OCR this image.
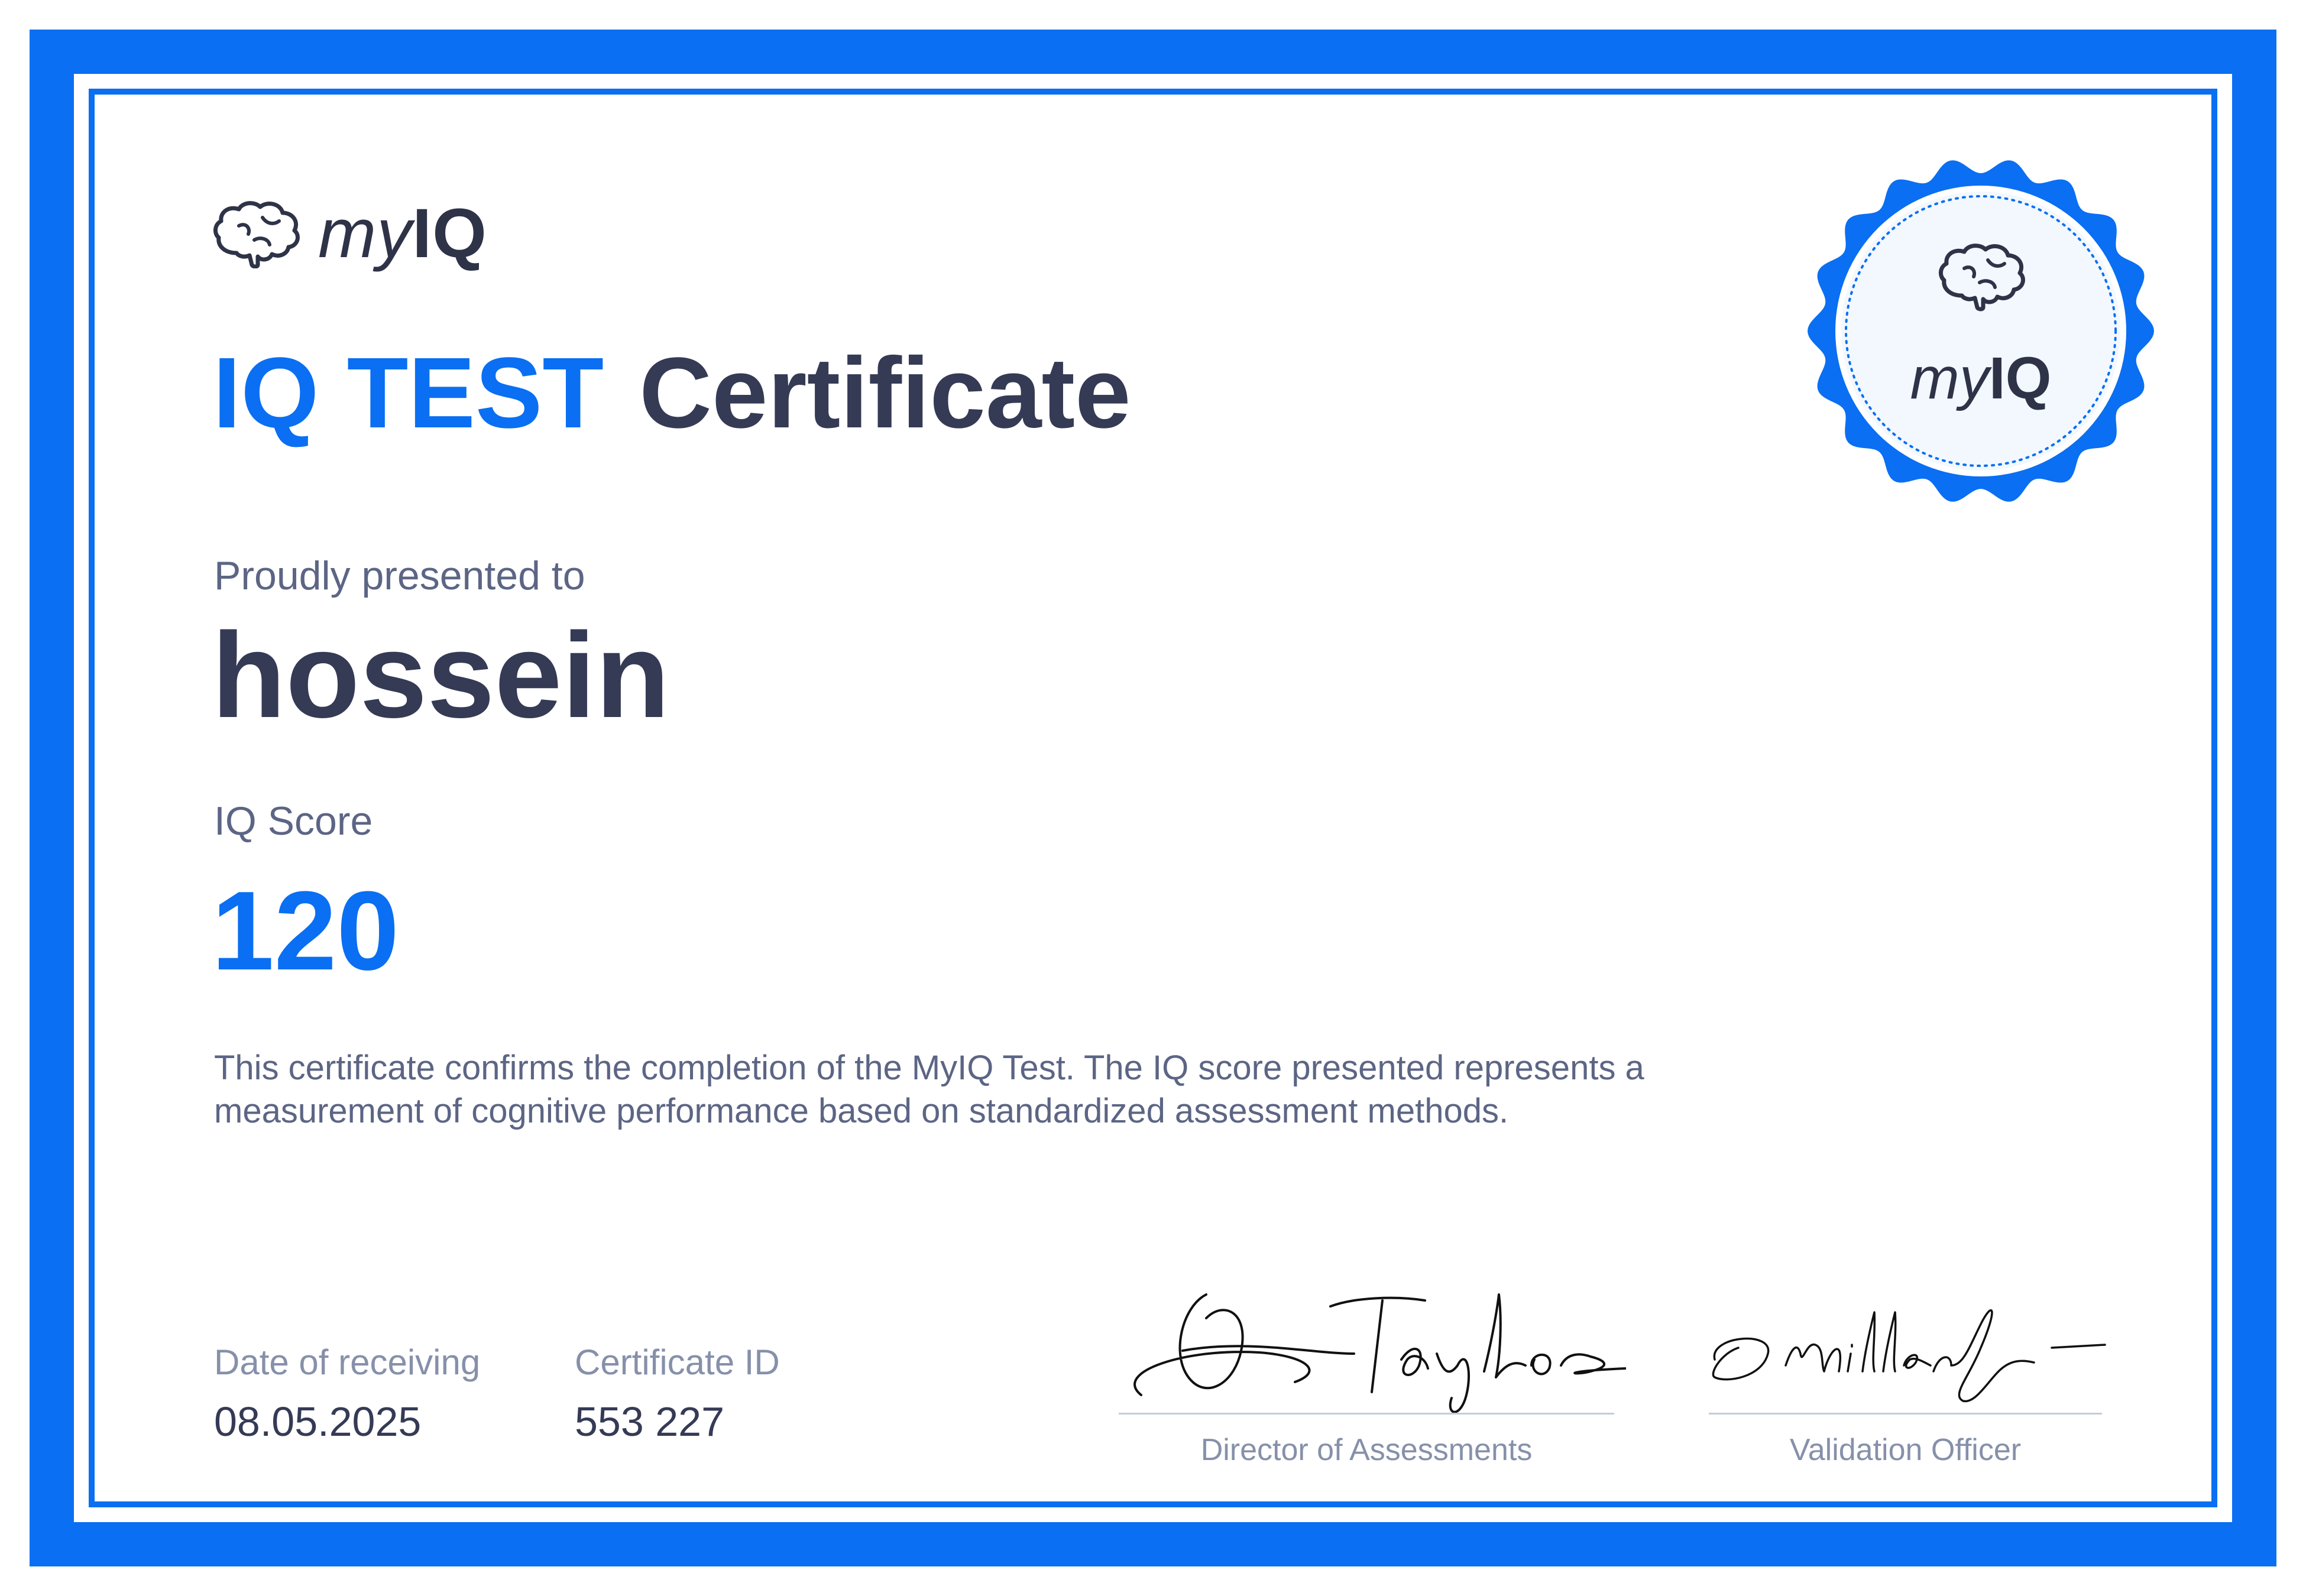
myIQ
IQ TEST Certificate
Proudly presented to
hossein
IQ Score
120
This certificate confirms the completion of the MyIQ Test. The IQ score presented represents a measurement of cognitive performance based on standardized assessment methods.
Date of receiving
08.05.2025
Certificate ID
553 227
Director of Assessments	Validation Officer
myIQ
